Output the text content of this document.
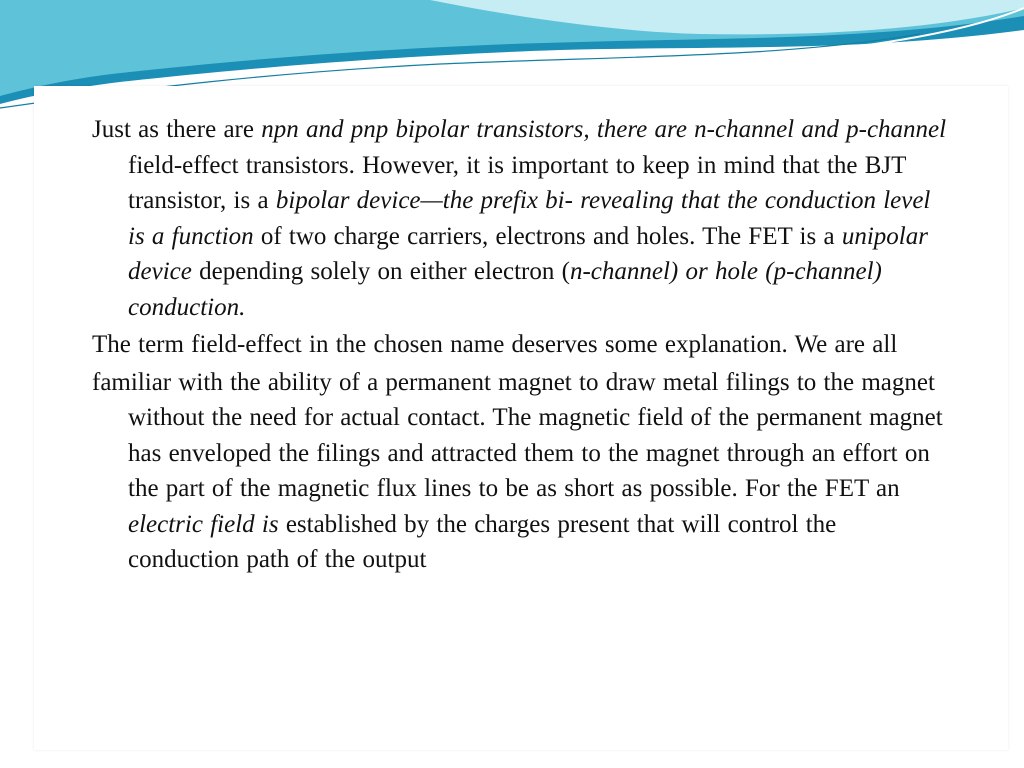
Just as there are npn and pnp bipolar transistors, there are n-channel and p-channel field-effect transistors. However, it is important to keep in mind that the BJT transistor, is a bipolar device—the prefix bi- revealing that the conduction level is a function of two charge carriers, electrons and holes. The FET is a unipolar device depending solely on either electron (n-channel) or hole (p-channel) conduction.

The term field-effect in the chosen name deserves some explanation. We are all

familiar with the ability of a permanent magnet to draw metal filings to the magnet without the need for actual contact. The magnetic field of the permanent magnet has enveloped the filings and attracted them to the magnet through an effort on the part of the magnetic flux lines to be as short as possible. For the FET an electric field is established by the charges present that will control the conduction path of the output
